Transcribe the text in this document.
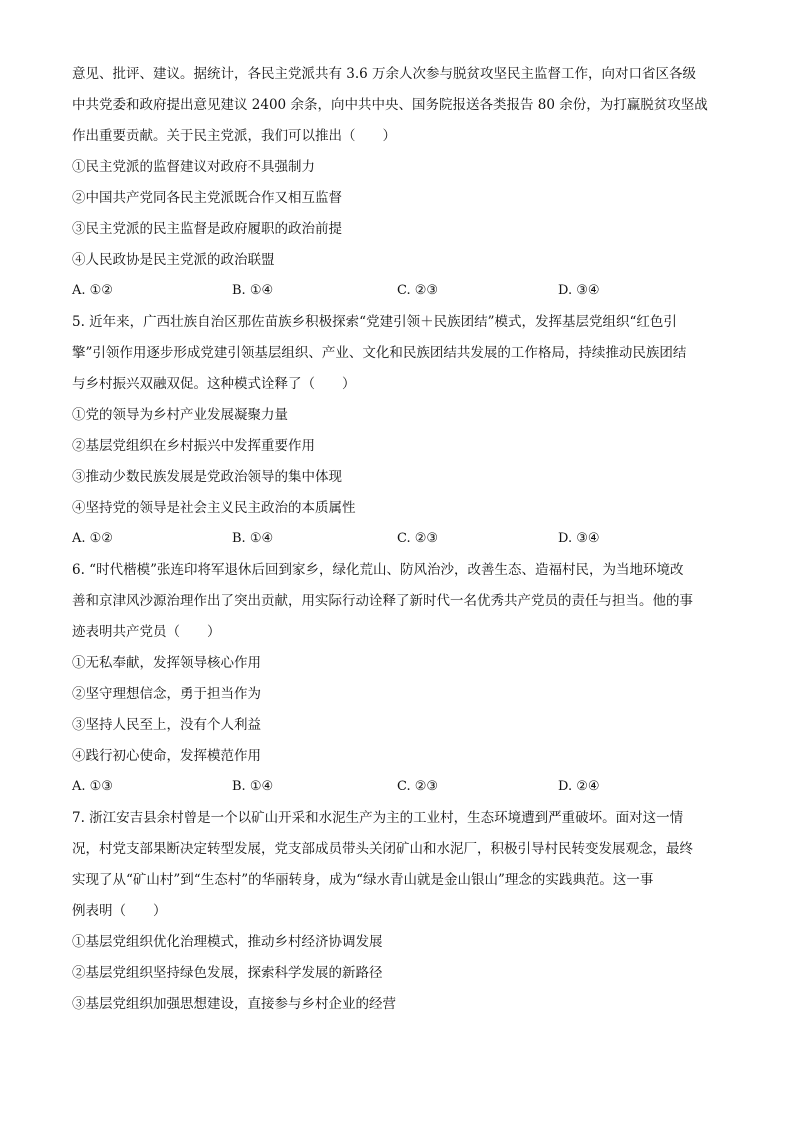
意见、批评、建议。据统计，各民主党派共有 3.6 万余人次参与脱贫攻坚民主监督工作，向对口省区各级
中共党委和政府提出意见建议 2400 余条，向中共中央、国务院报送各类报告 80 余份，为打赢脱贫攻坚战
作出重要贡献。关于民主党派，我们可以推出（　　）
①民主党派的监督建议对政府不具强制力
②中国共产党同各民主党派既合作又相互监督
③民主党派的民主监督是政府履职的政治前提
④人民政协是民主党派的政治联盟
A. ①②	B. ①④	C. ②③	D. ③④
5. 近年来，广西壮族自治区那佐苗族乡积极探索“党建引领＋民族团结”模式，发挥基层党组织“红色引
擎”引领作用逐步形成党建引领基层组织、产业、文化和民族团结共发展的工作格局，持续推动民族团结
与乡村振兴双融双促。这种模式诠释了（　　）
①党的领导为乡村产业发展凝聚力量
②基层党组织在乡村振兴中发挥重要作用
③推动少数民族发展是党政治领导的集中体现
④坚持党的领导是社会主义民主政治的本质属性
A. ①②	B. ①④	C. ②③	D. ③④
6. “时代楷模”张连印将军退休后回到家乡，绿化荒山、防风治沙，改善生态、造福村民，为当地环境改
善和京津风沙源治理作出了突出贡献，用实际行动诠释了新时代一名优秀共产党员的责任与担当。他的事
迹表明共产党员（　　）
①无私奉献，发挥领导核心作用
②坚守理想信念，勇于担当作为
③坚持人民至上，没有个人利益
④践行初心使命，发挥模范作用
A. ①③	B. ①④	C. ②③	D. ②④
7. 浙江安吉县余村曾是一个以矿山开采和水泥生产为主的工业村，生态环境遭到严重破坏。面对这一情
况，村党支部果断决定转型发展，党支部成员带头关闭矿山和水泥厂，积极引导村民转变发展观念，最终
实现了从“矿山村”到“生态村”的华丽转身，成为“绿水青山就是金山银山”理念的实践典范。这一事
例表明（　　）
①基层党组织优化治理模式，推动乡村经济协调发展
②基层党组织坚持绿色发展，探索科学发展的新路径
③基层党组织加强思想建设，直接参与乡村企业的经营
